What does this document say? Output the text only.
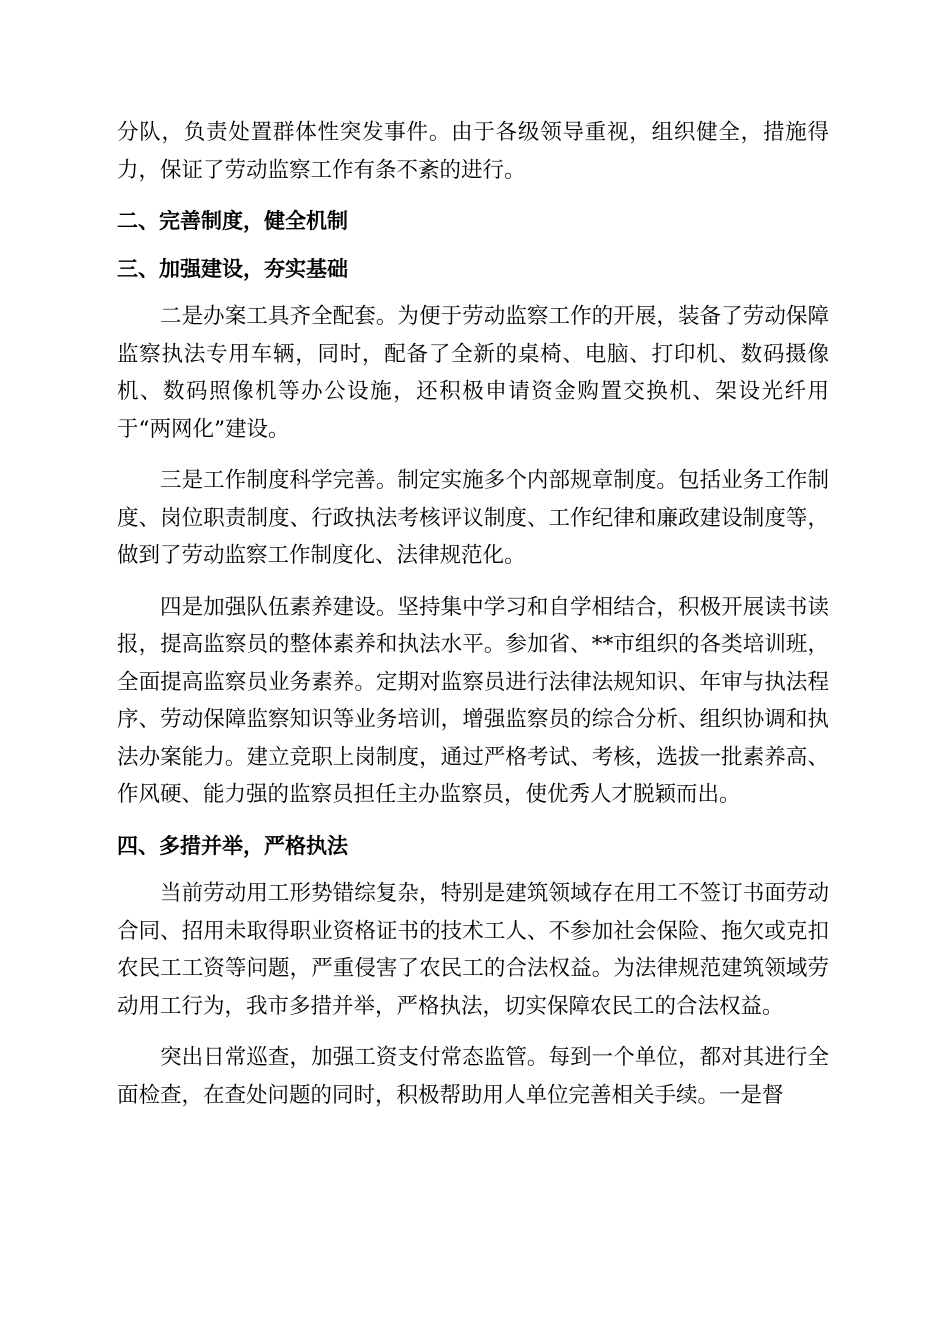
分队，负责处置群体性突发事件。由于各级领导重视，组织健全，措施得力，保证了劳动监察工作有条不紊的进行。

二、完善制度，健全机制

三、加强建设，夯实基础

二是办案工具齐全配套。为便于劳动监察工作的开展，装备了劳动保障监察执法专用车辆，同时，配备了全新的桌椅、电脑、打印机、数码摄像机、数码照像机等办公设施，还积极申请资金购置交换机、架设光纤用于“两网化”建设。

三是工作制度科学完善。制定实施多个内部规章制度。包括业务工作制度、岗位职责制度、行政执法考核评议制度、工作纪律和廉政建设制度等，做到了劳动监察工作制度化、法律规范化。

四是加强队伍素养建设。坚持集中学习和自学相结合，积极开展读书读报，提高监察员的整体素养和执法水平。参加省、**市组织的各类培训班，全面提高监察员业务素养。定期对监察员进行法律法规知识、年审与执法程序、劳动保障监察知识等业务培训，增强监察员的综合分析、组织协调和执法办案能力。建立竞职上岗制度，通过严格考试、考核，选拔一批素养高、作风硬、能力强的监察员担任主办监察员，使优秀人才脱颖而出。

四、多措并举，严格执法

当前劳动用工形势错综复杂，特别是建筑领域存在用工不签订书面劳动合同、招用未取得职业资格证书的技术工人、不参加社会保险、拖欠或克扣农民工工资等问题，严重侵害了农民工的合法权益。为法律规范建筑领域劳动用工行为，我市多措并举，严格执法，切实保障农民工的合法权益。

突出日常巡查，加强工资支付常态监管。每到一个单位，都对其进行全面检查，在查处问题的同时，积极帮助用人单位完善相关手续。一是督
